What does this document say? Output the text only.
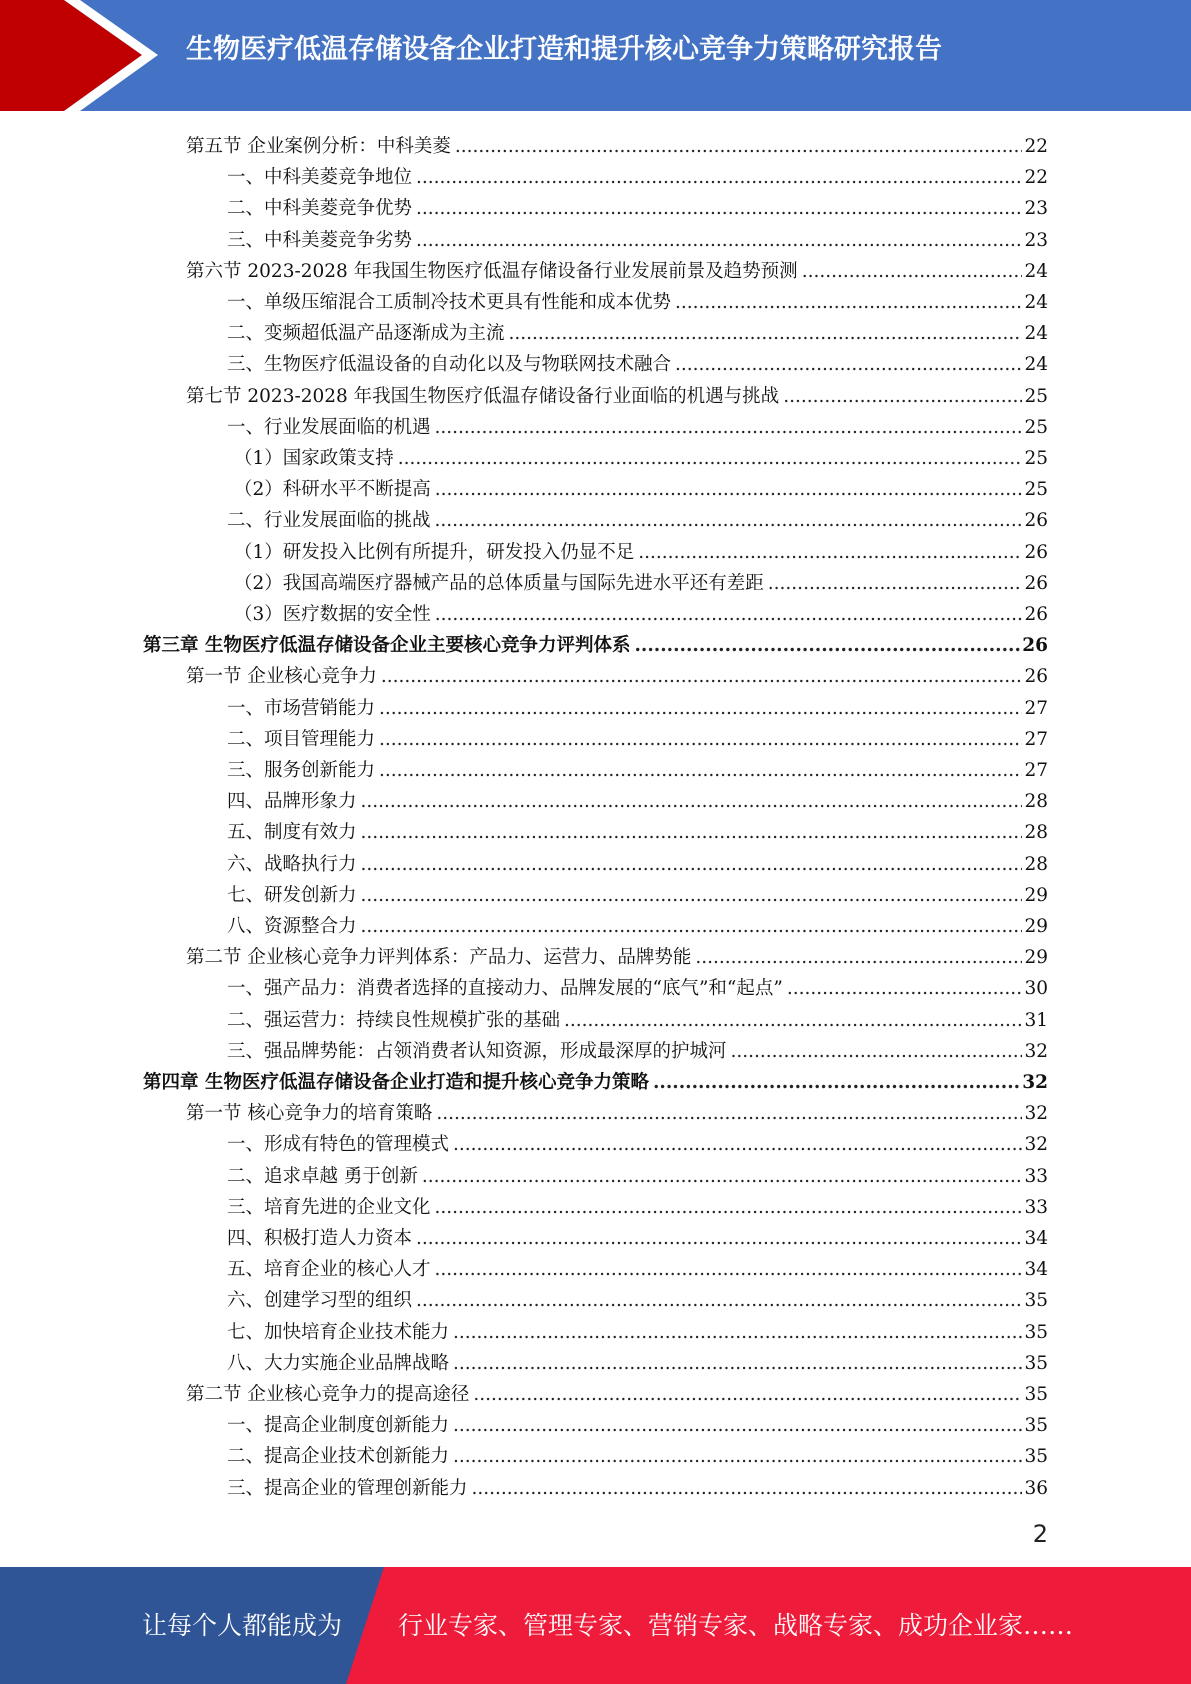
生物医疗低温存储设备企业打造和提升核心竞争力策略研究报告
第五节 企业案例分析：中科美菱 .....	22
一、中科美菱竞争地位 .....	22
二、中科美菱竞争优势 .....	23
三、中科美菱竞争劣势 .....	23
第六节 2023-2028 年我国生物医疗低温存储设备行业发展前景及趋势预测 .....	24
一、单级压缩混合工质制冷技术更具有性能和成本优势 .....	24
二、变频超低温产品逐渐成为主流 .....	24
三、生物医疗低温设备的自动化以及与物联网技术融合 .....	24
第七节 2023-2028 年我国生物医疗低温存储设备行业面临的机遇与挑战 .....	25
一、行业发展面临的机遇 .....	25
（1）国家政策支持 .....	25
（2）科研水平不断提高 .....	25
二、行业发展面临的挑战 .....	26
（1）研发投入比例有所提升，研发投入仍显不足 .....	26
（2）我国高端医疗器械产品的总体质量与国际先进水平还有差距 .....	26
（3）医疗数据的安全性 .....	26
第三章 生物医疗低温存储设备企业主要核心竞争力评判体系 .....	26
第一节 企业核心竞争力 .....	26
一、市场营销能力 .....	27
二、项目管理能力 .....	27
三、服务创新能力 .....	27
四、品牌形象力 .....	28
五、制度有效力 .....	28
六、战略执行力 .....	28
七、研发创新力 .....	29
八、资源整合力 .....	29
第二节 企业核心竞争力评判体系：产品力、运营力、品牌势能 .....	29
一、强产品力：消费者选择的直接动力、品牌发展的“底气”和“起点” .....	30
二、强运营力：持续良性规模扩张的基础 .....	31
三、强品牌势能：占领消费者认知资源，形成最深厚的护城河 .....	32
第四章 生物医疗低温存储设备企业打造和提升核心竞争力策略 .....	32
第一节 核心竞争力的培育策略 .....	32
一、形成有特色的管理模式 .....	32
二、追求卓越 勇于创新 .....	33
三、培育先进的企业文化 .....	33
四、积极打造人力资本 .....	34
五、培育企业的核心人才 .....	34
六、创建学习型的组织 .....	35
七、加快培育企业技术能力 .....	35
八、大力实施企业品牌战略 .....	35
第二节 企业核心竞争力的提高途径 .....	35
一、提高企业制度创新能力 .....	35
二、提高企业技术创新能力 .....	35
三、提高企业的管理创新能力 .....	36
2
让每个人都能成为 行业专家、管理专家、营销专家、战略专家、成功企业家……
